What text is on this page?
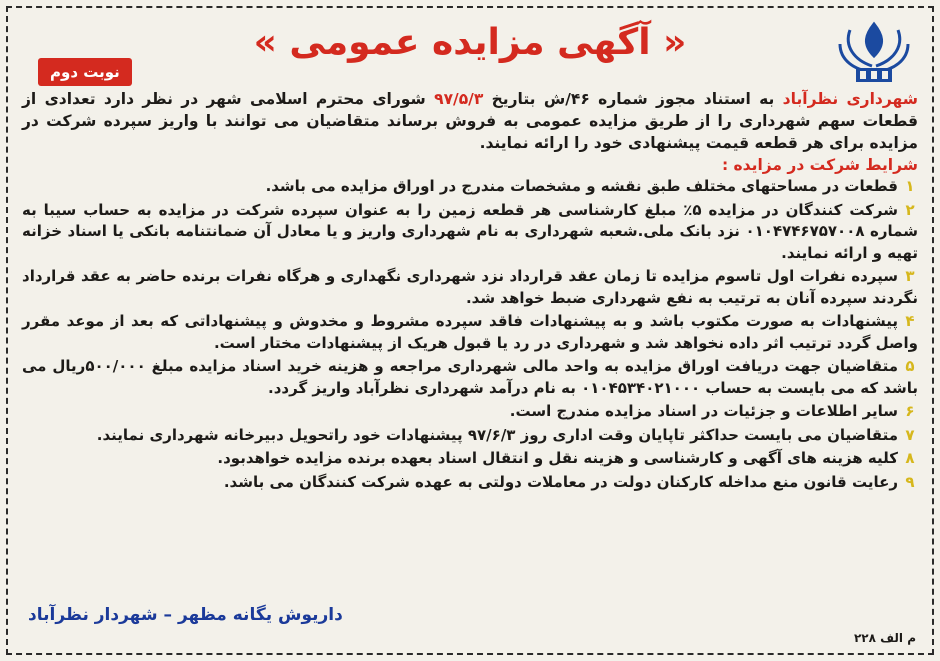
« آگهی مزایده عمومی »
نوبت دوم
شهرداری نظرآباد به استناد مجوز شماره ۴۶/ش بتاریخ ۹۷/۵/۳ شورای محترم اسلامی شهر در نظر دارد تعدادی از قطعات سهم شهرداری را از طریق مزایده عمومی به فروش برساند متقاضیان می توانند با واریز سپرده شرکت در مزایده برای هر قطعه قیمت پیشنهادی خود را ارائه نمایند.
شرایط شرکت در مزایده :
۱قطعات در مساحتهای مختلف طبق نقشه و مشخصات مندرج در اوراق مزایده می باشد.
۲شرکت کنندگان در مزایده ۵٪ مبلغ کارشناسی هر قطعه زمین را به عنوان سپرده شرکت در مزایده به حساب سیبا به شماره ۰۱۰۴۷۴۶۷۵۷۰۰۸ نزد بانک ملی.شعبه شهرداری به نام شهرداری واریز و یا معادل آن ضمانتنامه بانکی یا اسناد خزانه تهیه و ارائه نمایند.
۳سپرده نفرات اول تاسوم مزایده تا زمان عقد قرارداد نزد شهرداری نگهداری و هرگاه نفرات برنده حاضر به عقد قرارداد نگردند سپرده آنان به ترتیب به نفع شهرداری ضبط خواهد شد.
۴پیشنهادات به صورت مکتوب باشد و به پیشنهادات فاقد سپرده مشروط و مخدوش و پیشنهاداتی که بعد از موعد مقرر واصل گردد ترتیب اثر داده نخواهد شد و شهرداری در رد یا قبول هریک از پیشنهادات مختار است.
۵متقاضیان جهت دریافت اوراق مزایده به واحد مالی شهرداری مراجعه و هزینه خرید اسناد مزایده مبلغ ۵۰۰/۰۰۰ریال می باشد که می بایست به حساب ۰۱۰۴۵۳۴۰۲۱۰۰۰ به نام درآمد شهرداری نظرآباد واریز گردد.
۶سایر اطلاعات و جزئیات در اسناد مزایده مندرج است.
۷متقاضیان می بایست حداکثر تاپایان وقت اداری روز ۹۷/۶/۳ پیشنهادات خود راتحویل دبیرخانه شهرداری نمایند.
۸کلیه هزینه های آگهی و کارشناسی و هزینه نقل و انتقال اسناد بعهده برنده مزایده خواهدبود.
۹رعایت قانون منع مداخله کارکنان دولت در معاملات دولتی به عهده شرکت کنندگان می باشد.
داریوش یگانه مظهر – شهردار نظرآباد
م الف ۲۲۸
